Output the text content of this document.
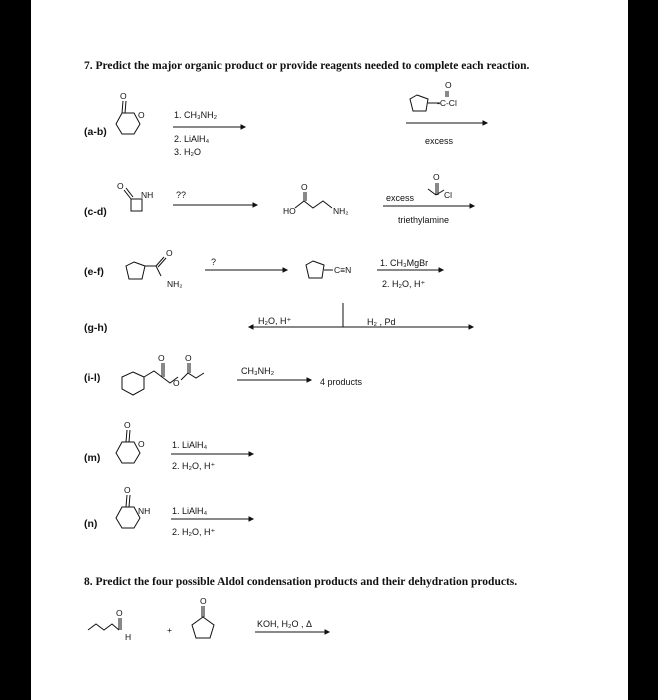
7. Predict the major organic product or provide reagents needed to complete each reaction.
(a-b)
(c-d)
(e-f)
(g-h)
(i-l)
(m)
(n)
1. CH₃NH₂
2. LiAlH₄
3. H₂O
excess
??	excess
triethylamine
?	1. CH₃MgBr
2. H₂O, H⁺
H₂O, H⁺	H₂ , Pd
CH₃NH₂
4 products
1. LiAlH₄
2. H₂O, H⁺
1. LiAlH₄
2. H₂O, H⁺
8. Predict the four possible Aldol condensation products and their dehydration products.
KOH, H₂O , Δ
O
O
-C-Cl
O
O
NH
HO
O
NH₂
O
Cl
O
NH₂
C≡N
O
O
O
O
O
O
NH
O
H
+
O
